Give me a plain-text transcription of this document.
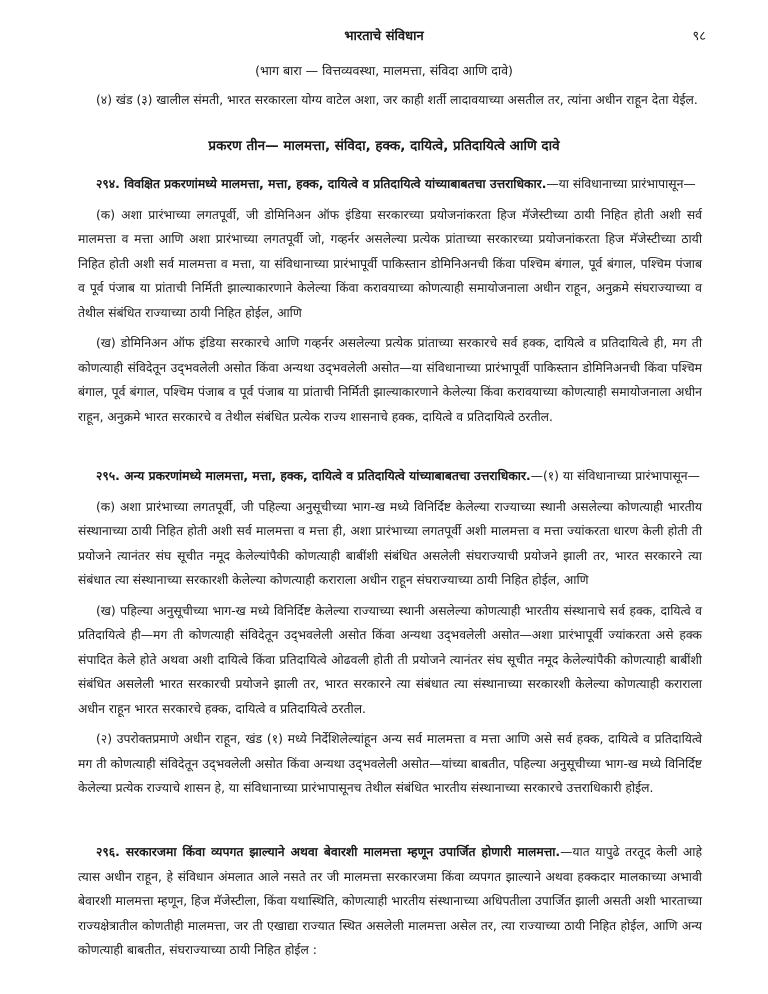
भारताचे संविधान	९८
(भाग बारा — वित्तव्यवस्था, मालमत्ता, संविदा आणि दावे)

(४) खंड (३) खालील संमती, भारत सरकारला योग्य वाटेल अशा, जर काही शर्ती लादावयाच्या असतील तर, त्यांना अधीन राहून देता येईल.

प्रकरण तीन— मालमत्ता, संविदा, हक्क, दायित्वे, प्रतिदायित्वे आणि दावे

२९४. विवक्षित प्रकरणांमध्ये मालमत्ता, मत्ता, हक्क, दायित्वे व प्रतिदायित्वे यांच्याबाबतचा उत्तराधिकार.—या संविधानाच्या प्रारंभापासून—

(क) अशा प्रारंभाच्या लगतपूर्वी, जी डोमिनिअन ऑफ इंडिया सरकारच्या प्रयोजनांकरता हिज मॅजेस्टीच्या ठायी निहित होती अशी सर्व मालमत्ता व मत्ता आणि अशा प्रारंभाच्या लगतपूर्वी जो, गव्हर्नर असलेल्या प्रत्येक प्रांताच्या सरकारच्या प्रयोजनांकरता हिज मॅजेस्टीच्या ठायी निहित होती अशी सर्व मालमत्ता व मत्ता, या संविधानाच्या प्रारंभापूर्वी पाकिस्तान डोमिनिअनची किंवा पश्चिम बंगाल, पूर्व बंगाल, पश्चिम पंजाब व पूर्व पंजाब या प्रांताची निर्मिती झाल्याकारणाने केलेल्या किंवा करावयाच्या कोणत्याही समायोजनाला अधीन राहून, अनुक्रमे संघराज्याच्या व तेथील संबंधित राज्याच्या ठायी निहित होईल, आणि

(ख) डोमिनिअन ऑफ इंडिया सरकारचे आणि गव्हर्नर असलेल्या प्रत्येक प्रांताच्या सरकारचे सर्व हक्क, दायित्वे व प्रतिदायित्वे ही, मग ती कोणत्याही संविदेतून उद्‌भवलेली असोत किंवा अन्यथा उद्‌भवलेली असोत—या संविधानाच्या प्रारंभापूर्वी पाकिस्तान डोमिनिअनची किंवा पश्चिम बंगाल, पूर्व बंगाल, पश्चिम पंजाब व पूर्व पंजाब या प्रांताची निर्मिती झाल्याकारणाने केलेल्या किंवा करावयाच्या कोणत्याही समायोजनाला अधीन राहून, अनुक्रमे भारत सरकारचे व तेथील संबंधित प्रत्येक राज्य शासनाचे हक्क, दायित्वे व प्रतिदायित्वे ठरतील.

२९५. अन्य प्रकरणांमध्ये मालमत्ता, मत्ता, हक्क, दायित्वे व प्रतिदायित्वे यांच्याबाबतचा उत्तराधिकार.—(१) या संविधानाच्या प्रारंभापासून—

(क) अशा प्रारंभाच्या लगतपूर्वी, जी पहिल्या अनुसूचीच्या भाग-ख मध्ये विनिर्दिष्ट केलेल्या राज्याच्या स्थानी असलेल्या कोणत्याही भारतीय संस्थानाच्या ठायी निहित होती अशी सर्व मालमत्ता व मत्ता ही, अशा प्रारंभाच्या लगतपूर्वी अशी मालमत्ता व मत्ता ज्यांकरता धारण केली होती ती प्रयोजने त्यानंतर संघ सूचीत नमूद केलेल्यांपैकी कोणत्याही बाबींशी संबंधित असलेली संघराज्याची प्रयोजने झाली तर, भारत सरकारने त्या संबंधात त्या संस्थानाच्या सरकारशी केलेल्या कोणत्याही कराराला अधीन राहून संघराज्याच्या ठायी निहित होईल, आणि

(ख) पहिल्या अनुसूचीच्या भाग-ख मध्ये विनिर्दिष्ट केलेल्या राज्याच्या स्थानी असलेल्या कोणत्याही भारतीय संस्थानाचे सर्व हक्क, दायित्वे व प्रतिदायित्वे ही—मग ती कोणत्याही संविदेतून उद्‌भवलेली असोत किंवा अन्यथा उद्‌भवलेली असोत—अशा प्रारंभापूर्वी ज्यांकरता असे हक्क संपादित केले होते अथवा अशी दायित्वे किंवा प्रतिदायित्वे ओढवली होती ती प्रयोजने त्यानंतर संघ सूचीत नमूद केलेल्यांपैकी कोणत्याही बाबींशी संबंधित असलेली भारत सरकारची प्रयोजने झाली तर, भारत सरकारने त्या संबंधात त्या संस्थानाच्या सरकारशी केलेल्या कोणत्याही कराराला अधीन राहून भारत सरकारचे हक्क, दायित्वे व प्रतिदायित्वे ठरतील.

(२) उपरोक्तप्रमाणे अधीन राहून, खंड (१) मध्ये निर्देशिलेल्यांहून अन्य सर्व मालमत्ता व मत्ता आणि असे सर्व हक्क, दायित्वे व प्रतिदायित्वे मग ती कोणत्याही संविदेतून उद्‌भवलेली असोत किंवा अन्यथा उद्‌भवलेली असोत—यांच्या बाबतीत, पहिल्या अनुसूचीच्या भाग-ख मध्ये विनिर्दिष्ट केलेल्या प्रत्येक राज्याचे शासन हे, या संविधानाच्या प्रारंभापासूनच तेथील संबंधित भारतीय संस्थानाच्या सरकारचे उत्तराधिकारी होईल.

२९६. सरकारजमा किंवा व्यपगत झाल्याने अथवा बेवारशी मालमत्ता म्हणून उपार्जित होणारी मालमत्ता.—यात यापुढे तरतूद केली आहे त्यास अधीन राहून, हे संविधान अंमलात आले नसते तर जी मालमत्ता सरकारजमा किंवा व्यपगत झाल्याने अथवा हक्कदार मालकाच्या अभावी बेवारशी मालमत्ता म्हणून, हिज मॅजेस्टीला, किंवा यथास्थिति, कोणत्याही भारतीय संस्थानाच्या अधिपतीला उपार्जित झाली असती अशी भारताच्या राज्यक्षेत्रातील कोणतीही मालमत्ता, जर ती एखाद्या राज्यात स्थित असलेली मालमत्ता असेल तर, त्या राज्याच्या ठायी निहित होईल, आणि अन्य कोणत्याही बाबतीत, संघराज्याच्या ठायी निहित होईल :
